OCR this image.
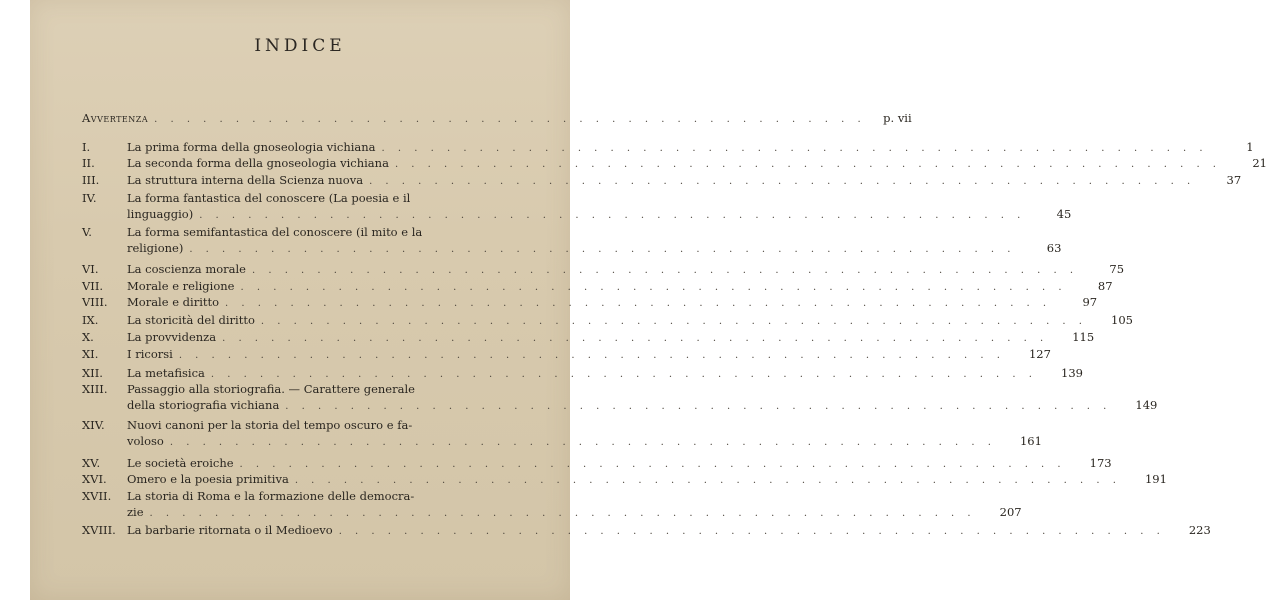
INDICE
Avvertenza . . . . . . . . . . . . . . . . . . . . . . . . . . . . . . . . . . . . . . . . . . . .	p. vii
I.	La prima forma della gnoseologia vichiana . . . . . . . . . . . . . . . . . . . . . . . . . . . . . . . . . . . . . . . . . . . . . . . . . . .	1
II.	La seconda forma della gnoseologia vichiana . . . . . . . . . . . . . . . . . . . . . . . . . . . . . . . . . . . . . . . . . . . . . . . . . . .	21
III. La struttura interna della Scienza nuova . . . . . . . . . . . . . . . . . . . . . . . . . . . . . . . . . . . . . . . . . . . . . . . . . . .	37
IV.	La forma fantastica del conoscere (La poesia e il
linguaggio) . . . . . . . . . . . . . . . . . . . . . . . . . . . . . . . . . . . . . . . . . . . . . . . . . . .	45
V.	La forma semifantastica del conoscere (il mito e la
religione) . . . . . . . . . . . . . . . . . . . . . . . . . . . . . . . . . . . . . . . . . . . . . . . . . . .	63
VI. La coscienza morale . . . . . . . . . . . . . . . . . . . . . . . . . . . . . . . . . . . . . . . . . . . . . . . . . . .	75
VII. Morale e religione . . . . . . . . . . . . . . . . . . . . . . . . . . . . . . . . . . . . . . . . . . . . . . . . . . .	87
VIII. Morale e diritto . . . . . . . . . . . . . . . . . . . . . . . . . . . . . . . . . . . . . . . . . . . . . . . . . . .	97
IX. La storicità del diritto . . . . . . . . . . . . . . . . . . . . . . . . . . . . . . . . . . . . . . . . . . . . . . . . . . .	105
X.	La provvidenza . . . . . . . . . . . . . . . . . . . . . . . . . . . . . . . . . . . . . . . . . . . . . . . . . . .	115
XI. I ricorsi . . . . . . . . . . . . . . . . . . . . . . . . . . . . . . . . . . . . . . . . . . . . . . . . . . .	127
XII. La metafisica . . . . . . . . . . . . . . . . . . . . . . . . . . . . . . . . . . . . . . . . . . . . . . . . . . .	139
XIII. Passaggio alla storiografia. — Carattere generale
della storiografia vichiana . . . . . . . . . . . . . . . . . . . . . . . . . . . . . . . . . . . . . . . . . . . . . . . . . . .	149
XIV. Nuovi canoni per la storia del tempo oscuro e fa-
voloso . . . . . . . . . . . . . . . . . . . . . . . . . . . . . . . . . . . . . . . . . . . . . . . . . . .	161
XV. Le società eroiche . . . . . . . . . . . . . . . . . . . . . . . . . . . . . . . . . . . . . . . . . . . . . . . . . . .	173
XVI. Omero e la poesia primitiva . . . . . . . . . . . . . . . . . . . . . . . . . . . . . . . . . . . . . . . . . . . . . . . . . . .	191
XVII. La storia di Roma e la formazione delle democra-
zie . . . . . . . . . . . . . . . . . . . . . . . . . . . . . . . . . . . . . . . . . . . . . . . . . . .	207
XVIII. La barbarie ritornata o il Medioevo . . . . . . . . . . . . . . . . . . . . . . . . . . . . . . . . . . . . . . . . . . . . . . . . . . .	223
